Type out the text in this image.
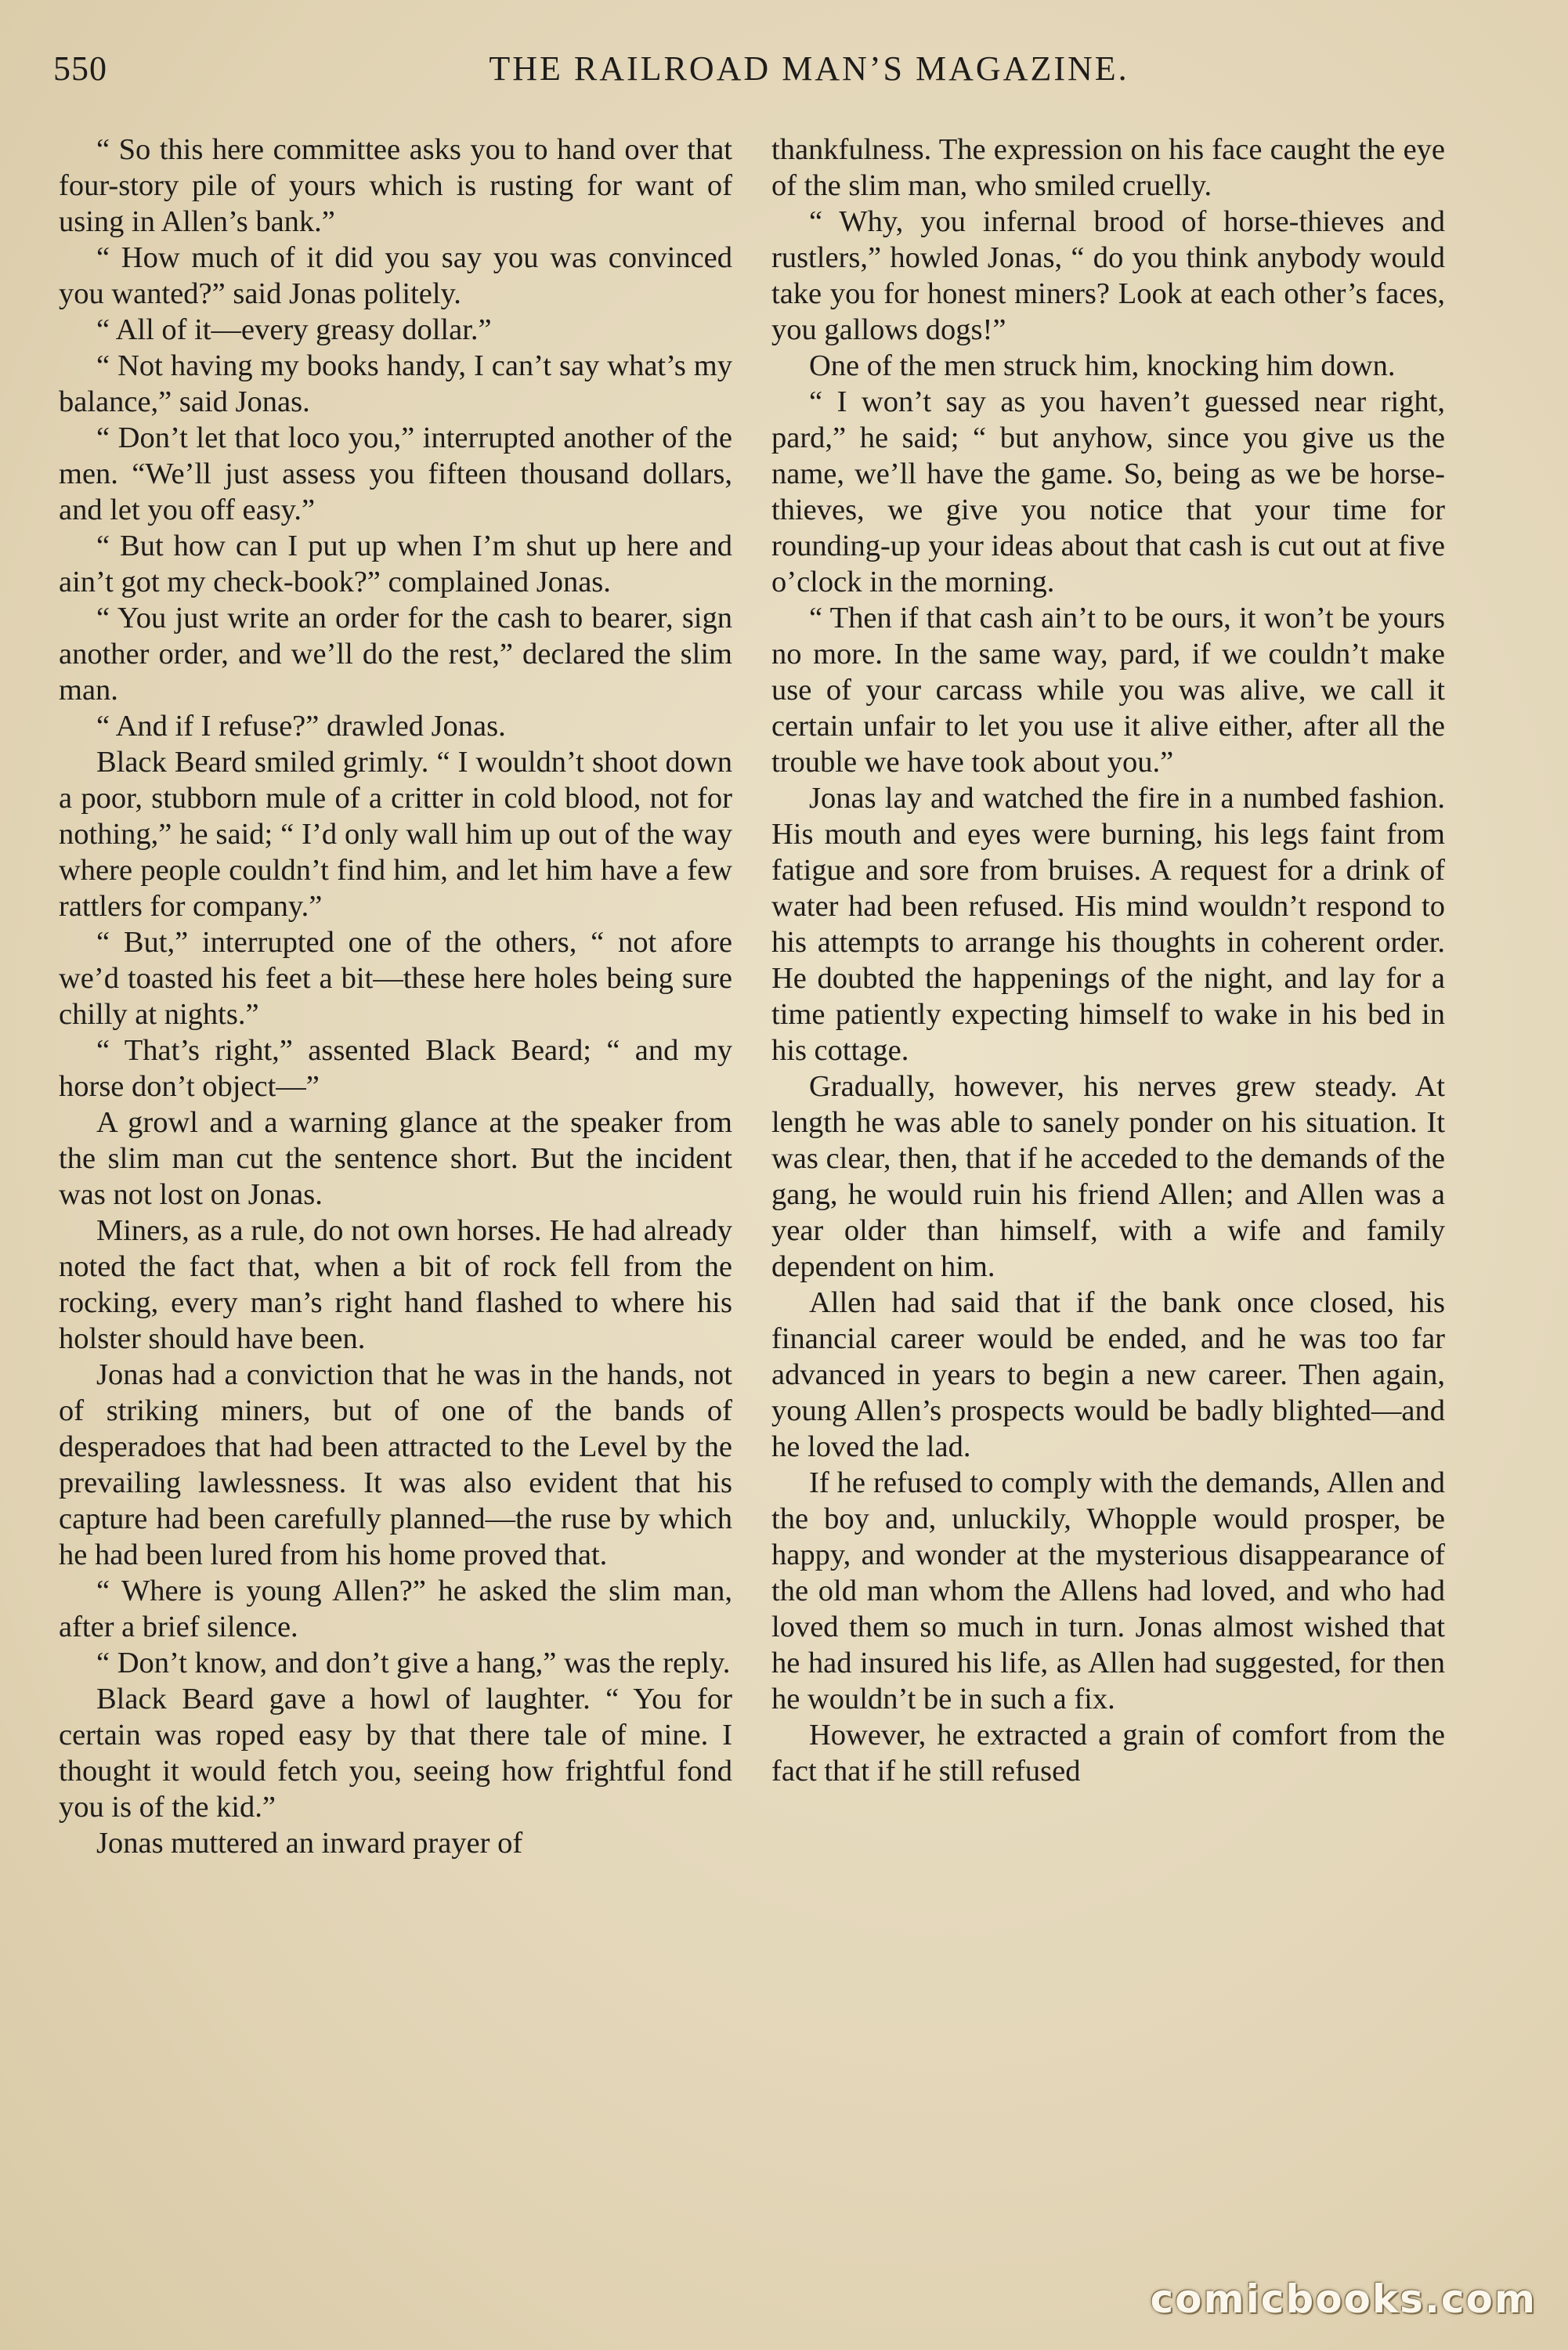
550	THE RAILROAD MAN’S MAGAZINE.

“ So this here committee asks you to hand over that four-story pile of yours which is rusting for want of using in Allen’s bank.”

“ How much of it did you say you was convinced you wanted?” said Jonas politely.

“ All of it—every greasy dollar.”

“ Not having my books handy, I can’t say what’s my balance,” said Jonas.

“ Don’t let that loco you,” interrupted another of the men. “We’ll just assess you fifteen thousand dollars, and let you off easy.”

“ But how can I put up when I’m shut up here and ain’t got my check-book?” complained Jonas.

“ You just write an order for the cash to bearer, sign another order, and we’ll do the rest,” declared the slim man.

“ And if I refuse?” drawled Jonas.

Black Beard smiled grimly. “ I wouldn’t shoot down a poor, stubborn mule of a critter in cold blood, not for nothing,” he said; “ I’d only wall him up out of the way where people couldn’t find him, and let him have a few rattlers for company.”

“ But,” interrupted one of the others, “ not afore we’d toasted his feet a bit—these here holes being sure chilly at nights.”

“ That’s right,” assented Black Beard; “ and my horse don’t object—”

A growl and a warning glance at the speaker from the slim man cut the sentence short. But the incident was not lost on Jonas.

Miners, as a rule, do not own horses. He had already noted the fact that, when a bit of rock fell from the rocking, every man’s right hand flashed to where his holster should have been.

Jonas had a conviction that he was in the hands, not of striking miners, but of one of the bands of desperadoes that had been attracted to the Level by the prevailing lawlessness. It was also evident that his capture had been carefully planned—the ruse by which he had been lured from his home proved that.

“ Where is young Allen?” he asked the slim man, after a brief silence.

“ Don’t know, and don’t give a hang,” was the reply.

Black Beard gave a howl of laughter. “ You for certain was roped easy by that there tale of mine. I thought it would fetch you, seeing how frightful fond you is of the kid.”

Jonas muttered an inward prayer of

thankfulness. The expression on his face caught the eye of the slim man, who smiled cruelly.

“ Why, you infernal brood of horse-thieves and rustlers,” howled Jonas, “ do you think anybody would take you for honest miners? Look at each other’s faces, you gallows dogs!”

One of the men struck him, knocking him down.

“ I won’t say as you haven’t guessed near right, pard,” he said; “ but anyhow, since you give us the name, we’ll have the game. So, being as we be horse-thieves, we give you notice that your time for rounding-up your ideas about that cash is cut out at five o’clock in the morning.

“ Then if that cash ain’t to be ours, it won’t be yours no more. In the same way, pard, if we couldn’t make use of your carcass while you was alive, we call it certain unfair to let you use it alive either, after all the trouble we have took about you.”

Jonas lay and watched the fire in a numbed fashion. His mouth and eyes were burning, his legs faint from fatigue and sore from bruises. A request for a drink of water had been refused. His mind wouldn’t respond to his attempts to arrange his thoughts in coherent order. He doubted the happenings of the night, and lay for a time patiently expecting himself to wake in his bed in his cottage.

Gradually, however, his nerves grew steady. At length he was able to sanely ponder on his situation. It was clear, then, that if he acceded to the demands of the gang, he would ruin his friend Allen; and Allen was a year older than himself, with a wife and family dependent on him.

Allen had said that if the bank once closed, his financial career would be ended, and he was too far advanced in years to begin a new career. Then again, young Allen’s prospects would be badly blighted—and he loved the lad.

If he refused to comply with the demands, Allen and the boy and, unluckily, Whopple would prosper, be happy, and wonder at the mysterious disappearance of the old man whom the Allens had loved, and who had loved them so much in turn. Jonas almost wished that he had insured his life, as Allen had suggested, for then he wouldn’t be in such a fix.

However, he extracted a grain of comfort from the fact that if he still refused

comicbooks.com
